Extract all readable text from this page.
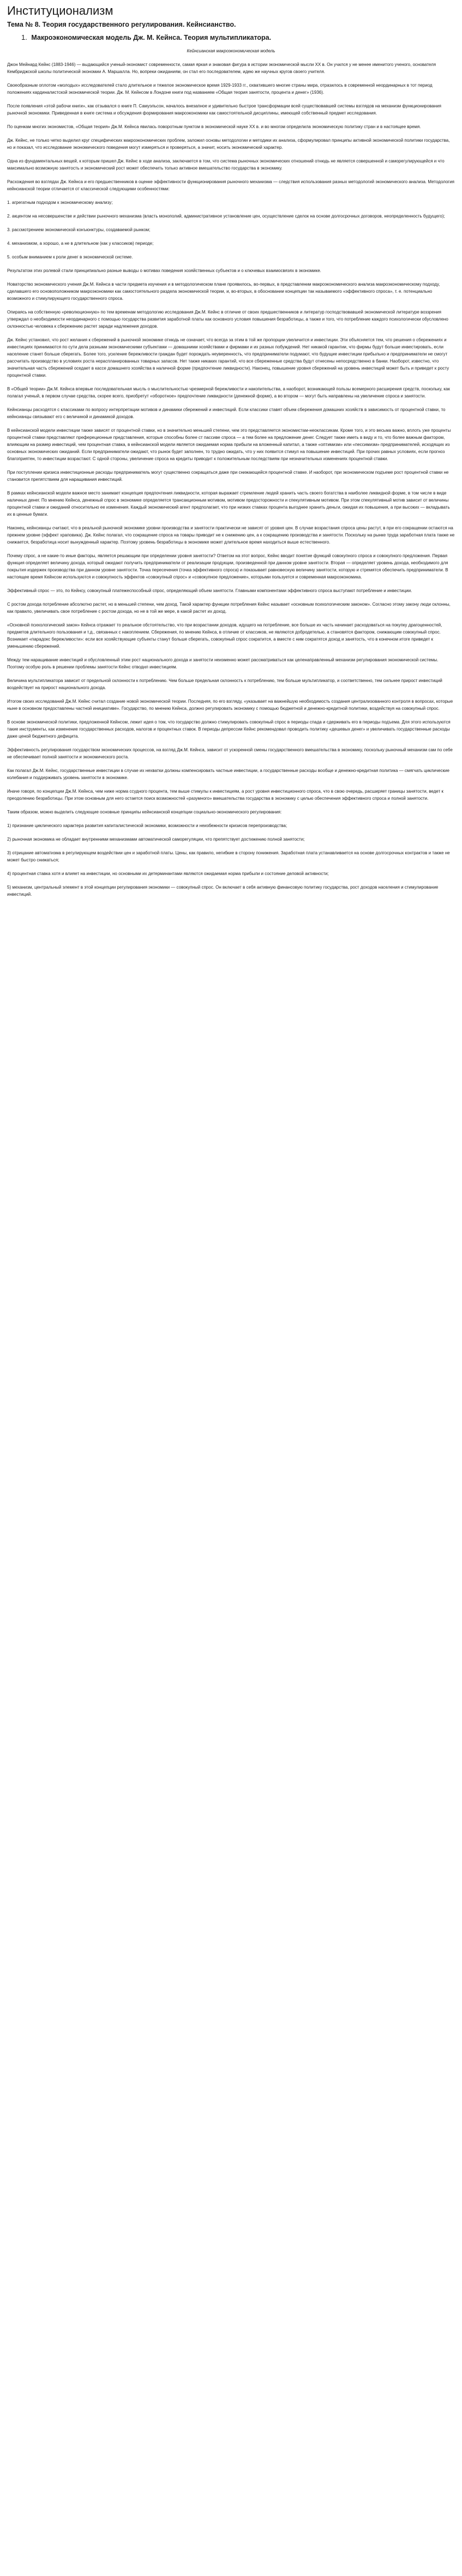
Институционализм
Тема № 8. Теория государственного регулирования. Кейнсианство.
1. Макроэкономическая модель Дж. М. Кейнса. Теория мультипликатора.
Кейнсианская макроэкономическая модель

Джон Мейнард Кейнс (1883-1946) — выдающийся ученый-экономист современности, самая яркая и знаковая фигура в истории экономической мысли XX в. Он учился у не менее именитого ученого, основателя Кембриджской школы политической экономии А. Маршалла. Но, вопреки ожиданиям, он стал его последователем, идею же научных кругов своего учителя.

Своеобразным оплотом «молодых» исследователей стало длительное и тяжелое экономическое время 1929-1933 гг., охватившего многие страны мира, отразилось в современной неординарных в тот период положениях кардиналистской экономической теории. Дж. М. Кейнсом в Лондоне книги под названием «Общая теория занятости, процента и денег» (1936).

После появления «этой рабочи книги», как отзывался о книге П. Самуэльсон, началось внезапное и удивительно быстрое трансформации всей существовавшей системы взглядов на механизм функционирования рыночной экономики. Приведенная в книге система и обсуждения формирования макроэкономики как самостоятельной дисциплины, имеющей собственный предмет исследования.

По оценкам многих экономистов, «Общая теория» Дж.М. Кейнса явилась поворотным пунктом в экономической науке XX в. и во многом определила экономическую политику стран и в настоящее время.

Дж. Кейнс, не только четко выделил круг специфических макроэкономических проблем, заложил основы методологии и методики их анализа, сформулировал принципы активной экономической политики государства, но и показал, что исследование экономического поведения могут измеряться и проверяться, а значит, носить экономический характер.

Одна из фундаментальных вещей, к которым пришел Дж. Кейнс в ходе анализа, заключается в том, что система рыночных экономических отношений отнюдь не является совершенной и саморегулирующейся и что максимально возможную занятость и экономический рост может обеспечить только активное вмешательство государства в экономику.

Расхождения во взглядах Дж. Кейнса и его предшественников в оценке эффективности функционирования рыночного механизма — следствия использования разных методологий экономического анализа. Методология кейнсианской теории отличается от классической следующими особенностями:

1. агрегатным подходом к экономическому анализу;

2. акцентом на несовершенстве и действии рыночного механизма (власть монополий, административное установление цен, осуществление сделок на основе долгосрочных договоров, неопределенность будущего);

3. рассмотрением экономической конъюнктуры, создаваемой рынком;

4. механизмом, а хорошо, а не в длительном (как у классиков) периоде;

5. особым вниманием к роли денег в экономической системе.

Результатом этих ролевой стали принципиально разные выводы о мотивах поведения хозяйственных субъектов и о ключевых взаимосвязях в экономике.

Новаторство экономического учения Дж.М. Кейнса в части предмета изучения и в методологическом плане проявилось, во-первых, в представлении макроэкономического анализа макроэкономическому подходу, сделавшего его основоположником макроэкономики как самостоятельного раздела экономической теории, и, во-вторых, в обосновании концепции так называемого «эффективного спроса», т. е. потенциально возможного и стимулирующего государственного спроса.

Опираясь на собственную «революционную» по тем временам методологию исследования Дж.М. Кейнс в отличие от своих предшественников и литератур господствовавшей экономической литературе воззрения утверждал о необходимости неординарного с помощью государства развития заработной платы как основного условия повышения безработицы, а также и того, что потребление каждого психологически обусловлено склонностью человека к сбережению растет заради надлежения доходов.

Дж. Кейнс установил, что рост желания к сбережений в рыночной экономике отнюдь не означает, что всегда за этим в той же пропорции увеличится и инвестиции. Эти объясняется тем, что решения о сбережениях и инвестициях принимаются по сути дела разными экономическими субъектами — домашними хозяйствами и фирмами и их разных побуждений. Нет никакой гарантии, что фирмы будут больше инвестировать, если население станет больше сберегать. Более того, усиление бережливости граждан будет порождать неуверенность, что предприниматели подумают, что будущие инвестиции прибыльно и предприниматели не смогут рассчитать производство в условиях роста нераспланированных товарных запасов. Нет также никаких гарантий, что все сбереженные средства будут отнесены непосредственно в банки. Наоборот, известно, что значительная часть сбережений оседает в кассе домашнего хозяйства в наличной форме (предпочтение ликвидности). Наконец, повышение уровня сбережений на уровень инвестиций может быть и приведет к росту процентной ставки.

В «Общей теории» Дж.М. Кейнса впервые последовательная мысль о мыслительностью чрезмерной бережливости и накопительства, а наоборот, возникающей пользы всемерного расширения средств, поскольку, как полагал ученый, в первом случае средства, скорее всего, приобретут «оборотное» предпочтение ликвидности (денежной форме), а во втором — могут быть направлены на увеличение спроса и занятости.

Кейнсианцы расходятся с классиками по вопросу интерпретации мотивов и динамики сбережений и инвестиций. Если классики ставят объем сбережения домашних хозяйств в зависимость от процентной ставки, то кейнсианцы связывают его с величиной и динамикой доходов.

В кейнсианской модели инвестиции также зависят от процентной ставки, но в значительно меньшей степени, чем это представляется экономистам-неоклассикам. Кроме того, и это весьма важно, вплоть уже проценты процентной ставки представляют префереционные представления, которые способны более ст пассиве спроса — а тем более на предложение денег. Следует также иметь в виду и то, что более важным фактором, влияющим на размер инвестиций, чем процентная ставка, в кейнсианской модели является ожидаемая норма прибыли на вложенный капитал, а также «оптимизм» или «пессимизм» предпринимателей, исходящих из основных экономических ожиданий. Если предприниматели ожидают, что рынок будет заполнен, то трудно ожидать, что у них появится стимул на повышение инвестиций. При прочих равных условиях, если прогноз благоприятен, то инвестиции возрастают. С одной стороны, увеличение спроса на кредиты приводит к положительным последствиям при незначительных изменениях процентной ставки.

При поступлении кризиса инвестиционные расходы предприниматель могут существенно сокращаться даже при снижающейся процентной ставке. И наоборот, при экономическом подъеме рост процентной ставки не становится препятствием для наращивания инвестиций.

В рамках кейнсианской модели важное место занимает концепция предпочтения ликвидности, которая выражает стремление людей хранить часть своего богатства в наиболее ликвидной форме, в том числе в виде наличных денег. По мнению Кейнса, денежный спрос в экономике определяется трансакционным мотивом, мотивом предосторожности и спекулятивным мотивом. При этом спекулятивный мотив зависит от величины процентной ставки и ожиданий относительно ее изменения. Каждый экономический агент предполагает, что при низких ставках процента выгоднее хранить деньги, ожидая их повышения, а при высоких — вкладывать их в ценные бумаги.

Наконец, кейнсианцы считают, что в реальной рыночной экономике уровни производства и занятости практически не зависят от уровня цен. В случае возрастания спроса цены растут, в при его сокращении остаются на прежнем уровне (эффект храповика). Дж. Кейнс полагал, что сокращение спроса на товары приводит не к снижению цен, а к сокращению производства и занятости. Поскольку на рынке труда заработная плата также не снижается, безработица носит вынужденный характер. Поэтому уровень безработицы в экономике может длительное время находиться выше естественного.

Почему спрос, а не какие-то иные факторы, является решающим при определении уровня занятости? Ответом на этот вопрос, Кейнс вводит понятие функций совокупного спроса и совокупного предложения. Первая функция определяет величину дохода, который ожидают получить предприниматели от реализации продукции, произведенной при данном уровне занятости. Вторая — определяет уровень дохода, необходимого для покрытия издержек производства при данном уровне занятости. Точка пересечения (точка эффективного спроса) и показывает равновесную величину занятости, которую и стремятся обеспечить предприниматели. В настоящее время Кейнсом используются и совокупность эффектов «совокупный спрос» и «совокупное предложение», которыми пользуется и современная макроэкономика.

Эффективный спрос — это, по Кейнсу, совокупный платежеспособный спрос, определяющий объем занятости. Главными компонентами эффективного спроса выступают потребление и инвестиции.

С ростом дохода потребление абсолютно растет, но в меньшей степени, чем доход. Такой характер функции потребления Кейнс называет «основным психологическим законом». Согласно этому закону люди склонны, как правило, увеличивать свое потребление с ростом дохода, но не в той же мере, в какой растет их доход.

«Основной психологический закон» Кейнса отражает то реальное обстоятельство, что при возрастании доходов, идущего на потребление, все больше их часть начинает расходоваться на покупку драгоценностей, предметов длительного пользования и т.д., связанных с накоплением. Сбережения, по мнению Кейнса, в отличие от классиков, не являются добродетелью, а становятся фактором, снижающим совокупный спрос. Возникает «парадокс бережливости»: если все хозяйствующие субъекты станут больше сберегать, совокупный спрос сократится, а вместе с ним сократятся доход и занятость, что в конечном итоге приведет к уменьшению сбережений.

Между тем наращивание инвестиций и обусловленный этим рост национального дохода и занятости неизменно может рассматриваться как целенаправленный механизм регулирования экономической системы. Поэтому особую роль в решении проблемы занятости Кейнс отводил инвестициям.

Величина мультипликатора зависит от предельной склонности к потреблению. Чем больше предельная склонность к потреблению, тем больше мультипликатор, и соответственно, тем сильнее прирост инвестиций воздействует на прирост национального дохода.

Итогом своих исследований Дж.М. Кейнс считал создание новой экономической теории. Последняя, по его взгляду, «указывает на важнейшую необходимость создания централизованного контроля в вопросах, которые ныне в основном предоставлены частной инициативе». Государство, по мнению Кейнса, должно регулировать экономику с помощью бюджетной и денежно-кредитной политики, воздействуя на совокупный спрос.

В основе экономической политики, предложенной Кейнсом, лежит идея о том, что государство должно стимулировать совокупный спрос в периоды спада и сдерживать его в периоды подъема. Для этого используются такие инструменты, как изменение государственных расходов, налогов и процентных ставок. В периоды депрессии Кейнс рекомендовал проводить политику «дешевых денег» и увеличивать государственные расходы даже ценой бюджетного дефицита.

Эффективность регулирования государством экономических процессов, на взгляд Дж.М. Кейнса, зависит от ускоренной смены государственного вмешательства в экономику, поскольку рыночный механизм сам по себе не обеспечивает полной занятости и экономического роста.

Как полагал Дж.М. Кейнс, государственные инвестиции в случае их нехватки должны компенсировать частные инвестиции, а государственные расходы вообще и денежно-кредитная политика — смягчать циклические колебания и поддерживать уровень занятости в экономике.

Иначе говоря, по концепции Дж.М. Кейнса, чем ниже норма ссудного процента, тем выше стимулы к инвестициям, а рост уровня инвестиционного спроса, что в свою очередь, расширяет границы занятости, ведет к преодолению безработицы. При этом основным для него остается поиск возможностей «разумного» вмешательства государства в экономику с целью обеспечения эффективного спроса и полной занятости.

Таким образом, можно выделить следующие основные принципы кейнсианской концепции социально-экономического регулирования:

1) признание циклического характера развития капиталистической экономики, возможности и неизбежности кризисов перепроизводства;

2) рыночная экономика не обладает внутренними механизмами автоматической саморегуляции, что препятствует достижению полной занятости;

3) отрицание автоматизма в регулирующем воздействии цен и заработной платы. Цены, как правило, негибкие в сторону понижения. Заработная плата устанавливается на основе долгосрочных контрактов и также не может быстро снижаться;

4) процентная ставка хотя и влияет на инвестиции, но основными их детерминантами являются ожидаемая норма прибыли и состояние деловой активности;

5) механизм, центральный элемент в этой концепции регулирования экономики — совокупный спрос. Он включает в себя активную финансовую политику государства, рост доходов населения и стимулирование инвестиций.
